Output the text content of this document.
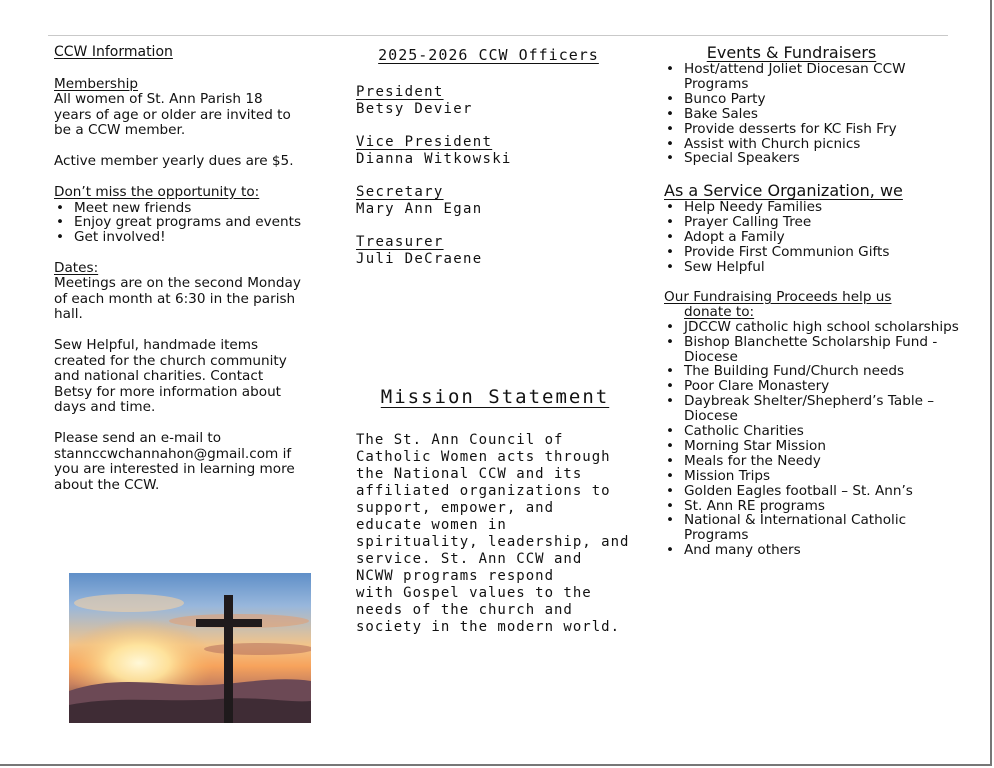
CCW Information

Membership

All women of St. Ann Parish 18

years of age or older are invited to

be a CCW member.

Active member yearly dues are $5.

Don’t miss the opportunity to:

• Meet new friends
• Enjoy great programs and events
• Get involved!

Dates:

Meetings are on the second Monday

of each month at 6:30 in the parish

hall.

Sew Helpful, handmade items

created for the church community

and national charities. Contact

Betsy for more information about

days and time.

Please send an e-mail to

stannccwchannahon@gmail.com if

you are interested in learning more

about the CCW.

2025-2026 CCW Officers

President

Betsy Devier

Vice President

Dianna Witkowski

Secretary

Mary Ann Egan

Treasurer

Juli DeCraene

Mission Statement

The St. Ann Council of

Catholic Women acts through

the National CCW and its

affiliated organizations to

support, empower, and

educate women in

spirituality, leadership, and

service. St. Ann CCW and

NCWW programs respond

with Gospel values to the

needs of the church and

society in the modern world.

Events & Fundraisers

• Host/attend Joliet Diocesan CCW Programs
• Bunco Party
• Bake Sales
• Provide desserts for KC Fish Fry
• Assist with Church picnics
• Special Speakers

As a Service Organization, we

• Help Needy Families
• Prayer Calling Tree
• Adopt a Family
• Provide First Communion Gifts
• Sew Helpful

Our Fundraising Proceeds help us

donate to:

• JDCCW catholic high school scholarships
• Bishop Blanchette Scholarship Fund - Diocese
• The Building Fund/Church needs
• Poor Clare Monastery
• Daybreak Shelter/Shepherd’s Table – Diocese
• Catholic Charities
• Morning Star Mission
• Meals for the Needy
• Mission Trips
• Golden Eagles football – St. Ann’s
• St. Ann RE programs
• National & International Catholic Programs
• And many others
